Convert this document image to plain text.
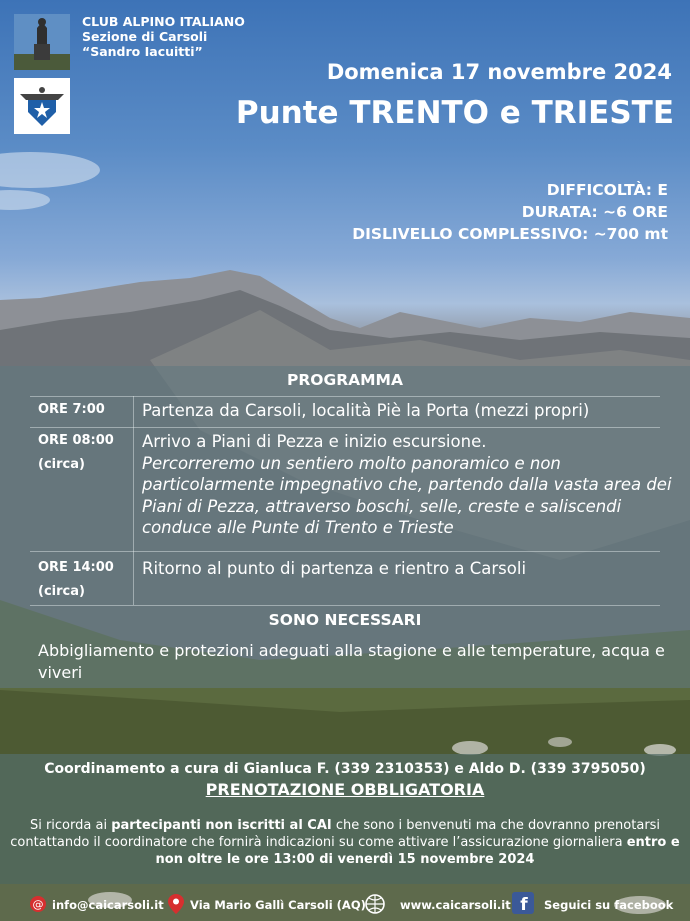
CLUB ALPINO ITALIANO
Sezione di Carsoli
“Sandro Iacuitti”
Domenica 17 novembre 2024
Punte TRENTO e TRIESTE
DIFFICOLTÀ: E
DURATA: ~6 ORE
DISLIVELLO COMPLESSIVO: ~700 mt
PROGRAMMA
ORE 7:00 Partenza da Carsoli, località Piè la Porta (mezzi propri)
ORE 08:00
(circa)
Arrivo a Piani di Pezza e inizio escursione.
Percorreremo un sentiero molto panoramico e non particolarmente impegnativo che, partendo dalla vasta area dei Piani di Pezza, attraverso boschi, selle, creste e saliscendi conduce alle Punte di Trento e Trieste
ORE 14:00
(circa)
Ritorno al punto di partenza e rientro a Carsoli
SONO NECESSARI
Abbigliamento e protezioni adeguati alla stagione e alle temperature, acqua e viveri
Coordinamento a cura di Gianluca F. (339 2310353) e Aldo D. (339 3795050)
PRENOTAZIONE OBBLIGATORIA
Si ricorda ai partecipanti non iscritti al CAI che sono i benvenuti ma che dovranno prenotarsi contattando il coordinatore che fornirà indicazioni su come attivare l’assicurazione giornaliera entro e non oltre le ore 13:00 di venerdì 15 novembre 2024
@ info@caicarsoli.it Via Mario Gallì Carsoli (AQ)	www.caicarsoli.it f Seguici su facebook
